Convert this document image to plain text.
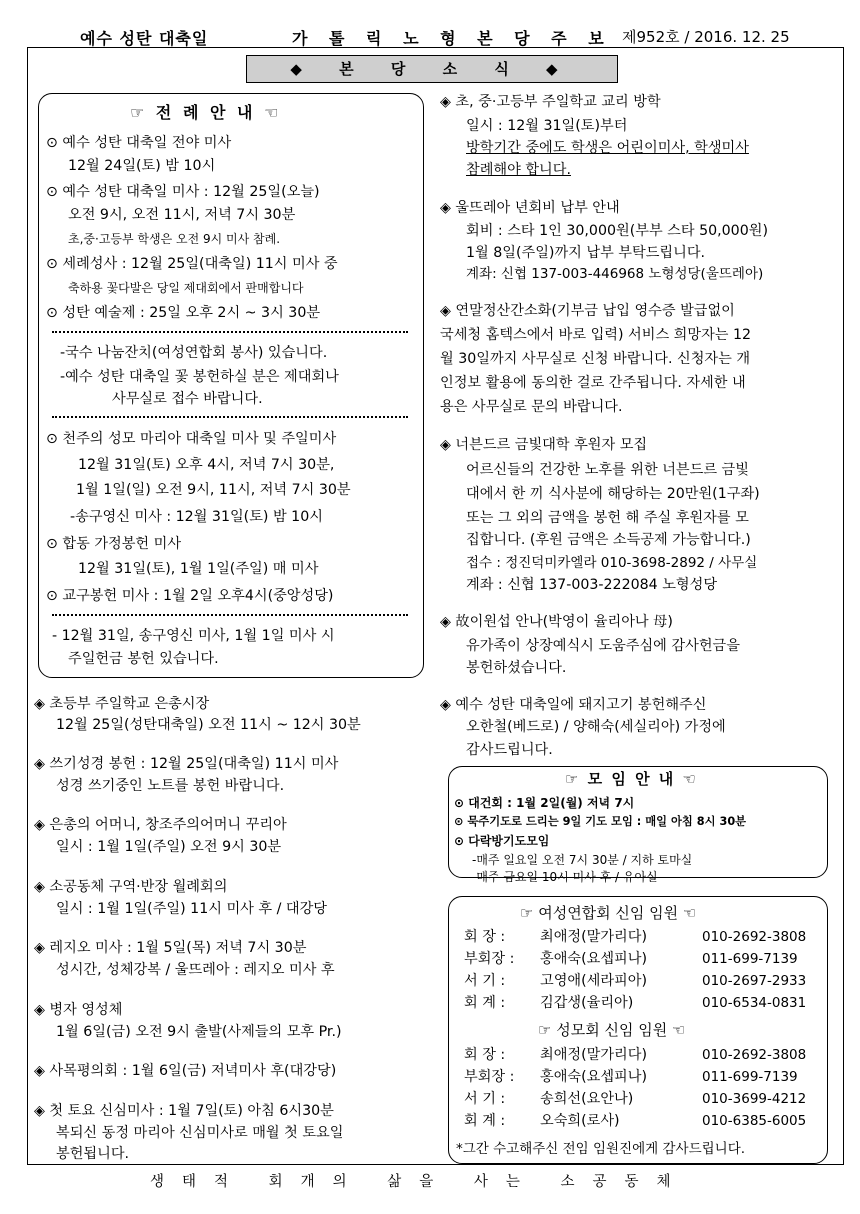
예수 성탄 대축일	가 톨 릭 노 형 본 당 주 보 제952호 / 2016. 12. 25
◆ 본 당 소 식 ◆
☞ 전 례 안 내 ☜
⊙ 예수 성탄 대축일 전야 미사
12월 24일(토) 밤 10시
⊙ 예수 성탄 대축일 미사 : 12월 25일(오늘)
오전 9시, 오전 11시, 저녁 7시 30분
초,중·고등부 학생은 오전 9시 미사 참례.
⊙ 세례성사 : 12월 25일(대축일) 11시 미사 중
축하용 꽃다발은 당일 제대회에서 판매합니다
⊙ 성탄 예술제 : 25일 오후 2시 ~ 3시 30분
-국수 나눔잔치(여성연합회 봉사) 있습니다.
-예수 성탄 대축일 꽃 봉헌하실 분은 제대회나
사무실로 접수 바랍니다.
⊙ 천주의 성모 마리아 대축일 미사 및 주일미사
12월 31일(토) 오후 4시, 저녁 7시 30분,
1월 1일(일) 오전 9시, 11시, 저녁 7시 30분
-송구영신 미사 : 12월 31일(토) 밤 10시
⊙ 합동 가정봉헌 미사
12월 31일(토), 1월 1일(주일) 매 미사
⊙ 교구봉헌 미사 : 1월 2일 오후4시(중앙성당)
- 12월 31일, 송구영신 미사, 1월 1일 미사 시
주일헌금 봉헌 있습니다.
◈ 초등부 주일학교 은총시장
12월 25일(성탄대축일) 오전 11시 ~ 12시 30분
◈ 쓰기성경 봉헌 : 12월 25일(대축일) 11시 미사
성경 쓰기중인 노트를 봉헌 바랍니다.
◈ 은총의 어머니, 창조주의어머니 꾸리아
일시 : 1월 1일(주일) 오전 9시 30분
◈ 소공동체 구역·반장 월례회의
일시 : 1월 1일(주일) 11시 미사 후 / 대강당
◈ 레지오 미사 : 1월 5일(목) 저녁 7시 30분
성시간, 성체강복 / 울뜨레아 : 레지오 미사 후
◈ 병자 영성체
1월 6일(금) 오전 9시 출발(사제들의 모후 Pr.)
◈ 사목평의회 : 1월 6일(금) 저녁미사 후(대강당)
◈ 첫 토요 신심미사 : 1월 7일(토) 아침 6시30분
복되신 동정 마리아 신심미사로 매월 첫 토요일
봉헌됩니다.
◈ 초, 중·고등부 주일학교 교리 방학
일시 : 12월 31일(토)부터
방학기간 중에도 학생은 어린이미사, 학생미사
참례해야 합니다.
◈ 울뜨레아 년회비 납부 안내
회비 : 스타 1인 30,000원(부부 스타 50,000원)
1월 8일(주일)까지 납부 부탁드립니다.
계좌: 신협 137-003-446968 노형성당(울뜨레아)
◈ 연말정산간소화(기부금 납입 영수증 발급없이
국세청 홈텍스에서 바로 입력) 서비스 희망자는 12
월 30일까지 사무실로 신청 바랍니다. 신청자는 개
인정보 활용에 동의한 걸로 간주됩니다. 자세한 내
용은 사무실로 문의 바랍니다.
◈ 너븐드르 금빛대학 후원자 모집
어르신들의 건강한 노후를 위한 너븐드르 금빛
대에서 한 끼 식사분에 해당하는 20만원(1구좌)
또는 그 외의 금액을 봉헌 해 주실 후원자를 모
집합니다. (후원 금액은 소득공제 가능합니다.)
접수 : 정진덕미카엘라 010-3698-2892 / 사무실
계좌 : 신협 137-003-222084 노형성당
◈ 故이원섭 안나(박영이 율리아나 母)
유가족이 상장예식시 도움주심에 감사헌금을
봉헌하셨습니다.
◈ 예수 성탄 대축일에 돼지고기 봉헌해주신
오한철(베드로) / 양해숙(세실리아) 가정에
감사드립니다.
☞ 모 임 안 내 ☜
⊙ 대건회 : 1월 2일(월) 저녁 7시
⊙ 묵주기도로 드리는 9일 기도 모임 : 매일 아침 8시 30분
⊙ 다락방기도모임
-매주 일요일 오전 7시 30분 / 지하 토마실
-매주 금요일 10시 미사 후 / 유아실
☞ 여성연합회 신임 임원 ☜
회 장 : 최애정(말가리다)	010-2692-3808
부회장 : 홍애숙(요셉피나)	011-699-7139
서 기 : 고영애(세라피아)	010-2697-2933
회 계 : 김갑생(율리아)	010-6534-0831
☞ 성모회 신임 임원 ☜
회 장 : 최애정(말가리다)	010-2692-3808
부회장 : 홍애숙(요셉피나)	011-699-7139
서 기 : 송희선(요안나)	010-3699-4212
회 계 : 오숙희(로사)	010-6385-6005
*그간 수고해주신 전임 임원진에게 감사드립니다.
생태적 회개의 삶을 사는 소공동체
